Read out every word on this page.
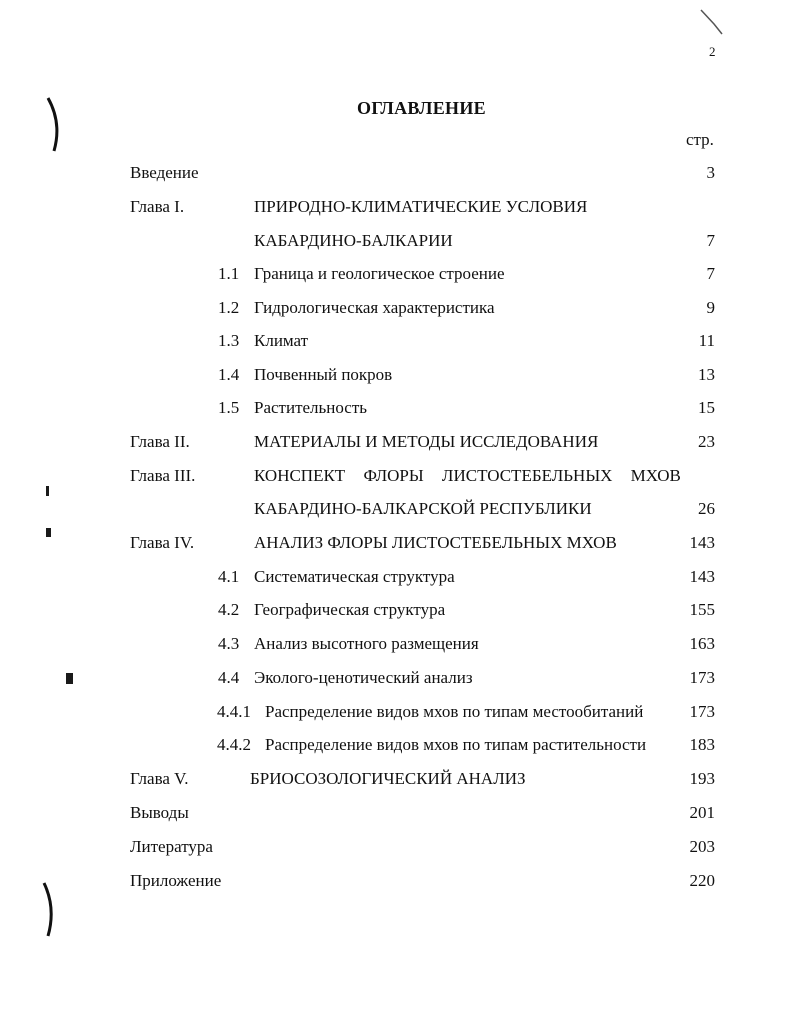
2
ОГЛАВЛЕНИЕ
стр.
Введение	3
Глава I.	ПРИРОДНО-КЛИМАТИЧЕСКИЕ УСЛОВИЯ
КАБАРДИНО-БАЛКАРИИ	7
1.1 Граница и геологическое строение	7
1.2 Гидрологическая характеристика	9
1.3 Климат	11
1.4 Почвенный покров	13
1.5 Растительность	15
Глава II.	МАТЕРИАЛЫ И МЕТОДЫ ИССЛЕДОВАНИЯ	23
Глава III.	КОНСПЕКТ ФЛОРЫ ЛИСТОСТЕБЕЛЬНЫХ МХОВ
КАБАРДИНО-БАЛКАРСКОЙ РЕСПУБЛИКИ	26
Глава IV.	АНАЛИЗ ФЛОРЫ ЛИСТОСТЕБЕЛЬНЫХ МХОВ	143
4.1 Систематическая структура	143
4.2 Географическая структура	155
4.3 Анализ высотного размещения	163
4.4 Эколого-ценотический анализ	173
4.4.1 Распределение видов мхов по типам местообитаний	173
4.4.2 Распределение видов мхов по типам растительности	183
Глава V.	БРИОСОЗОЛОГИЧЕСКИЙ АНАЛИЗ	193
Выводы	201
Литература	203
Приложение	220
